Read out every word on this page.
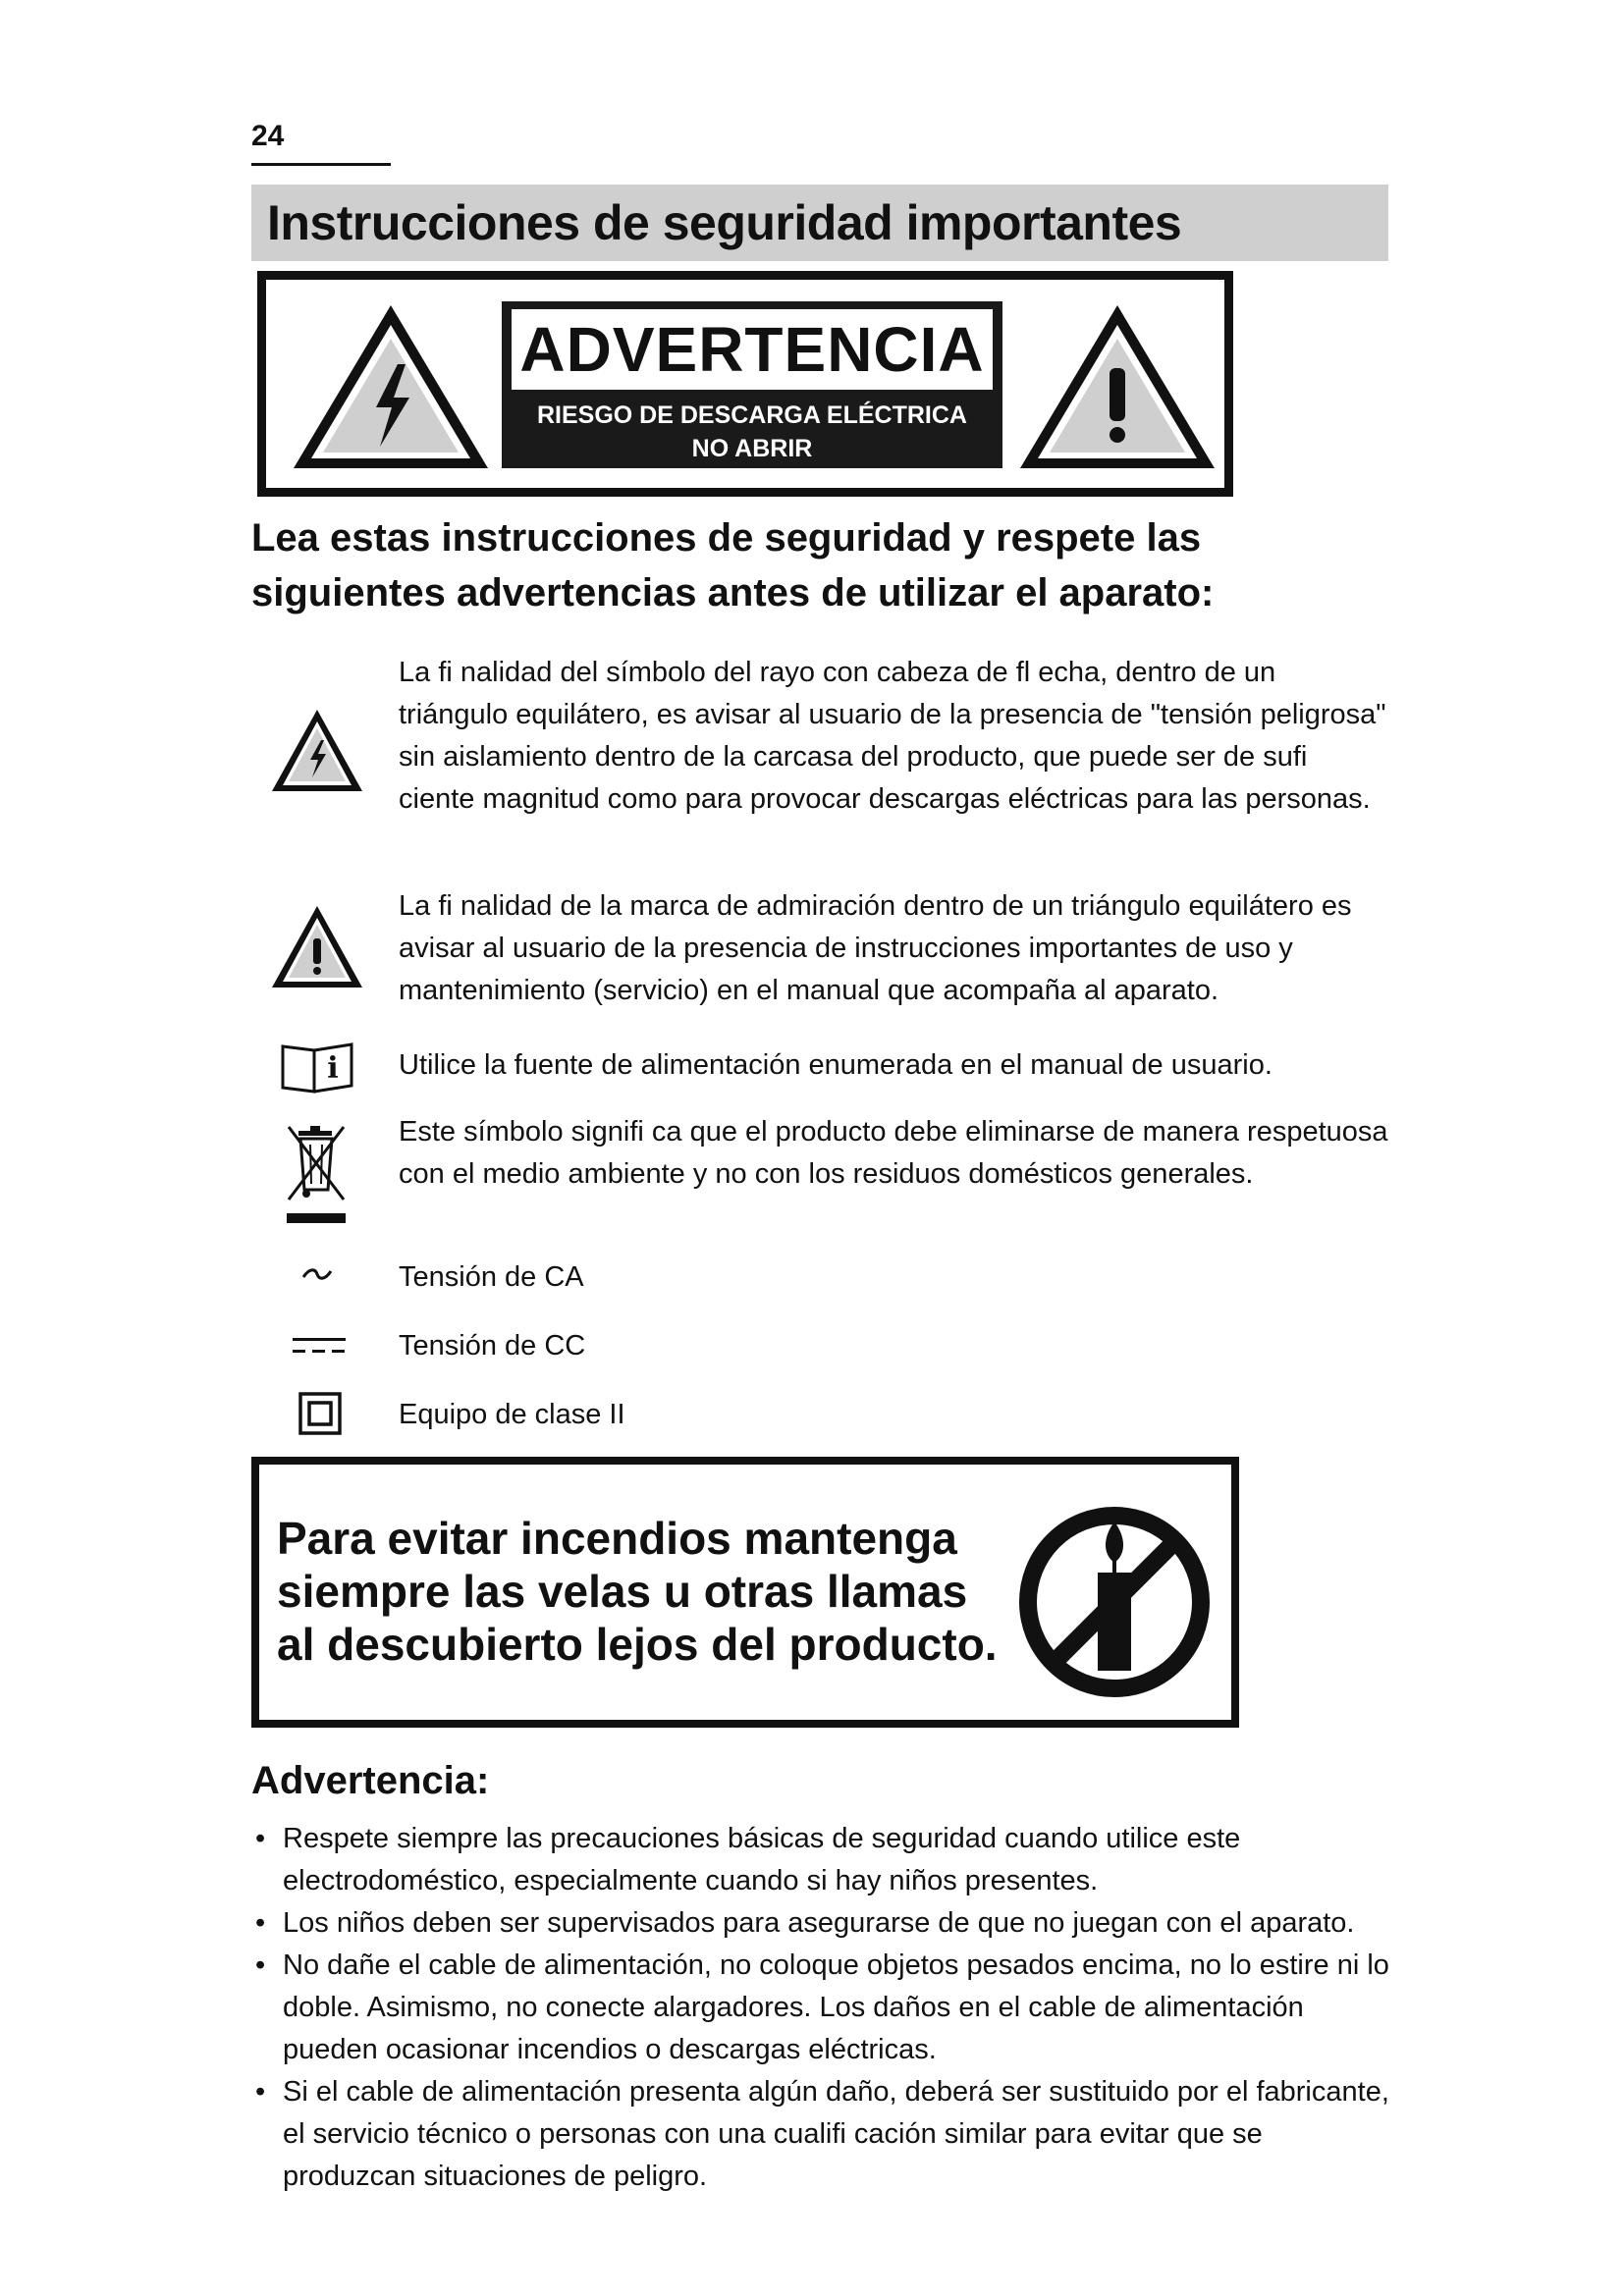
24
Instrucciones de seguridad importantes
ADVERTENCIA
RIESGO DE DESCARGA ELÉCTRICA
NO ABRIR
Lea estas instrucciones de seguridad y respete las siguientes advertencias antes de utilizar el aparato:

La fi nalidad del símbolo del rayo con cabeza de fl echa, dentro de un triángulo equilátero, es avisar al usuario de la presencia de "tensión peligrosa" sin aislamiento dentro de la carcasa del producto, que puede ser de sufi ciente magnitud como para provocar descargas eléctricas para las personas.

La fi nalidad de la marca de admiración dentro de un triángulo equilátero es avisar al usuario de la presencia de instrucciones importantes de uso y mantenimiento (servicio) en el manual que acompaña al aparato.

i Utilice la fuente de alimentación enumerada en el manual de usuario.

Este símbolo signifi ca que el producto debe eliminarse de manera respetuosa con el medio ambiente y no con los residuos domésticos generales.

Tensión de CA

Tensión de CC

Equipo de clase II

Para evitar incendios mantenga siempre las velas u otras llamas al descubierto lejos del producto.

Advertencia:
• Respete siempre las precauciones básicas de seguridad cuando utilice este electrodoméstico, especialmente cuando si hay niños presentes.
• Los niños deben ser supervisados para asegurarse de que no juegan con el aparato.
• No dañe el cable de alimentación, no coloque objetos pesados encima, no lo estire ni lo doble. Asimismo, no conecte alargadores. Los daños en el cable de alimentación pueden ocasionar incendios o descargas eléctricas.
• Si el cable de alimentación presenta algún daño, deberá ser sustituido por el fabricante, el servicio técnico o personas con una cualifi cación similar para evitar que se produzcan situaciones de peligro.
